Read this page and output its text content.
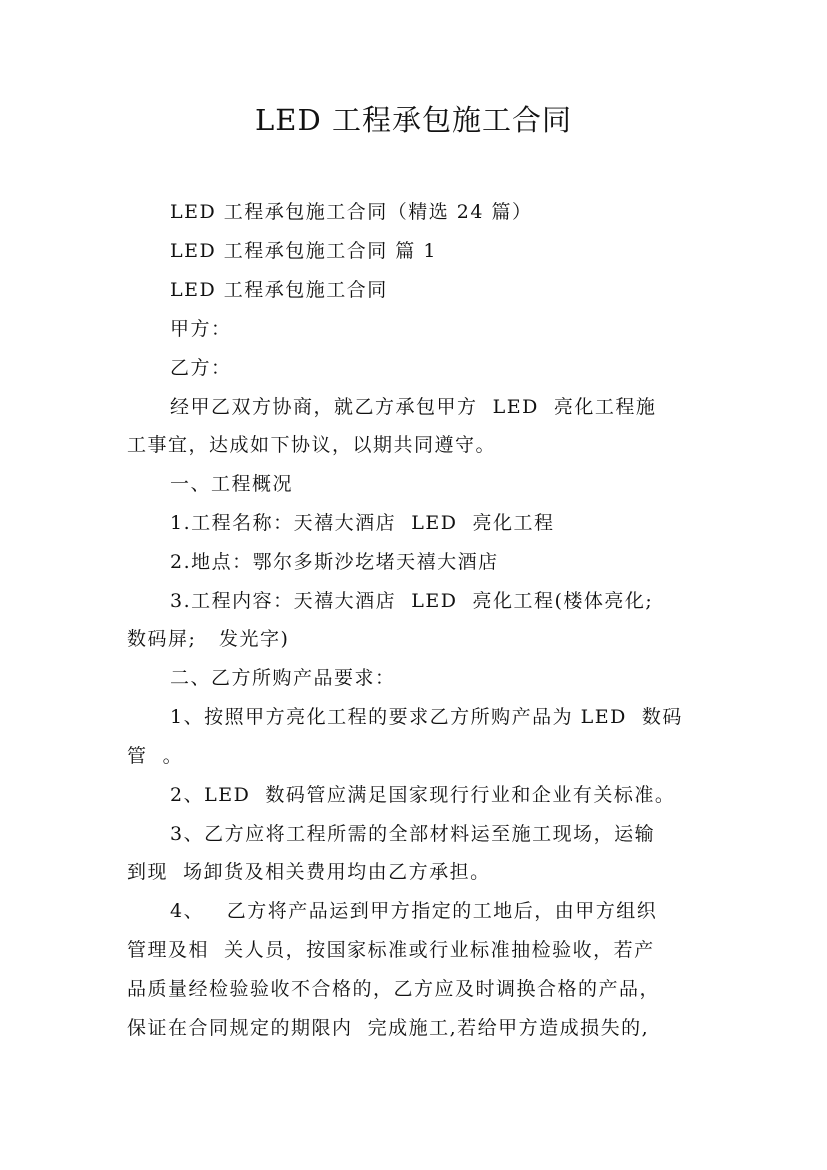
LED 工程承包施工合同
LED 工程承包施工合同（精选 24 篇）
LED 工程承包施工合同 篇 1
LED 工程承包施工合同
甲方：
乙方：
经甲乙双方协商，就乙方承包甲方  LED  亮化工程施
工事宜，达成如下协议，以期共同遵守。
一、工程概况
1.工程名称：天禧大酒店  LED  亮化工程
2.地点：鄂尔多斯沙圪堵天禧大酒店
3.工程内容：天禧大酒店  LED  亮化工程(楼体亮化;
数码屏;   发光字)
二、乙方所购产品要求：
1、按照甲方亮化工程的要求乙方所购产品为 LED  数码
管  。
2、LED  数码管应满足国家现行行业和企业有关标准。
3、乙方应将工程所需的全部材料运至施工现场，运输
到现  场卸货及相关费用均由乙方承担。
4、   乙方将产品运到甲方指定的工地后，由甲方组织
管理及相  关人员，按国家标准或行业标准抽检验收，若产
品质量经检验验收不合格的，乙方应及时调换合格的产品，
保证在合同规定的期限内  完成施工,若给甲方造成损失的,
